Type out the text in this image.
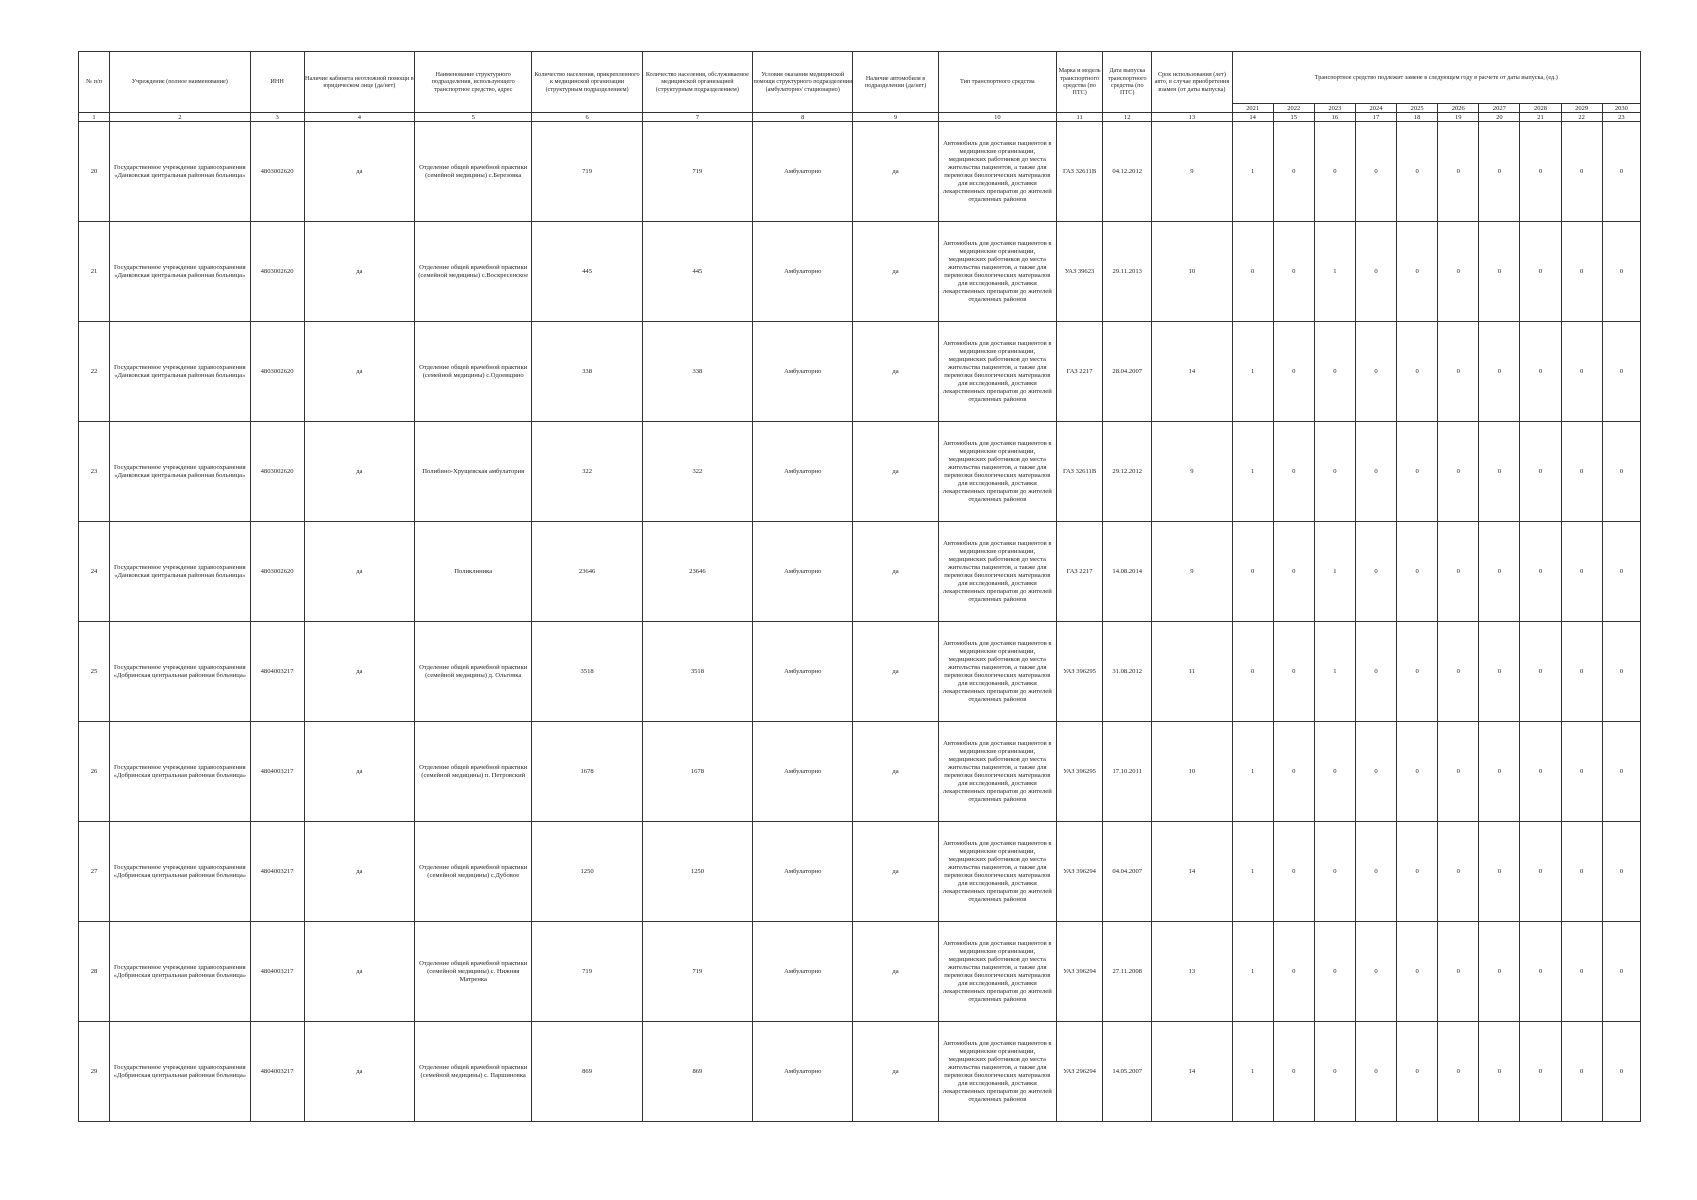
№ п/п	Учреждение (полное наименование)	ИНН	Наличие кабинета неотложной помощи в юридическом лице (да/нет)	Наименование структурного подразделения, использующего транспортное средство, адрес	Количество населения, прикрепленного к медицинской организации (структурным подразделением)	Количество населения, обслуживаемое медицинской организацией (структурным подразделением)	Условия оказания медицинской помощи структурного подразделения (амбулаторно/ стационарно)	Наличие автомобиля в подразделении (да/нет)	Тип транспортного средства	Марка и модель транспортного средства (по ПТС)	Дата выпуска транспортного средства (по ПТС)	Срок использования (лет) авто, в случае приобретения взамен (от даты выпуска)	Транспортное средство подлежит замене в следующем году в расчете от даты выпуска, (ед.)									
													2021	2022	2023	2024	2025	2026	2027	2028	2029	2030
1	2	3	4	5	6	7	8	9	10	11	12	13	14	15	16	17	18	19	20	21	22	23
20	Государственное учреждение здравоохранения «Данковская центральная районная больница»	4803002620	да	Отделение общей врачебной практики (семейной медицины) с.Березовка	719	719	Амбулаторно	да	Автомобиль для доставки пациентов в медицинские организации, медицинских работников до места жительства пациентов, а также для перевозки биологических материалов для исследований, доставки лекарственных препаратов до жителей отдаленных районов	ГАЗ 32611В	04.12.2012	9	1	0	0	0	0	0	0	0	0	0
21	Государственное учреждение здравоохранения «Данковская центральная районная больница»	4803002620	да	Отделение общей врачебной практики (семейной медицины) с.Воскресенское	445	445	Амбулаторно	да	Автомобиль для доставки пациентов в медицинские организации, медицинских работников до места жительства пациентов, а также для перевозки биологических материалов для исследований, доставки лекарственных препаратов до жителей отдаленных районов	УАЗ 39623	29.11.2013	10	0	0	1	0	0	0	0	0	0	0
22	Государственное учреждение здравоохранения «Данковская центральная районная больница»	4803002620	да	Отделение общей врачебной практики (семейной медицины) с.Одоевщино	338	338	Амбулаторно	да	Автомобиль для доставки пациентов в медицинские организации, медицинских работников до места жительства пациентов, а также для перевозки биологических материалов для исследований, доставки лекарственных препаратов до жителей отдаленных районов	ГАЗ 2217	28.04.2007	14	1	0	0	0	0	0	0	0	0	0
23	Государственное учреждение здравоохранения «Данковская центральная районная больница»	4803002620	да	Полибино-Хрущевская амбулатория	322	322	Амбулаторно	да	Автомобиль для доставки пациентов в медицинские организации, медицинских работников до места жительства пациентов, а также для перевозки биологических материалов для исследований, доставки лекарственных препаратов до жителей отдаленных районов	ГАЗ 32611В	29.12.2012	9	1	0	0	0	0	0	0	0	0	0
24	Государственное учреждение здравоохранения «Данковская центральная районная больница»	4803002620	да	Поликлиника	23646	23646	Амбулаторно	да	Автомобиль для доставки пациентов в медицинские организации, медицинских работников до места жительства пациентов, а также для перевозки биологических материалов для исследований, доставки лекарственных препаратов до жителей отдаленных районов	ГАЗ 2217	14.08.2014	9	0	0	1	0	0	0	0	0	0	0
25	Государственное учреждение здравоохранения «Добринская центральная районная больница»	4804003217	да	Отделение общей врачебной практики (семейной медицины) д. Ольговка	3518	3518	Амбулаторно	да	Автомобиль для доставки пациентов в медицинские организации, медицинских работников до места жительства пациентов, а также для перевозки биологических материалов для исследований, доставки лекарственных препаратов до жителей отдаленных районов	УАЗ 396295	31.08.2012	11	0	0	1	0	0	0	0	0	0	0
26	Государственное учреждение здравоохранения «Добринская центральная районная больница»	4804003217	да	Отделение общей врачебной практики (семейной медицины) п. Петровский	1678	1678	Амбулаторно	да	Автомобиль для доставки пациентов в медицинские организации, медицинских работников до места жительства пациентов, а также для перевозки биологических материалов для исследований, доставки лекарственных препаратов до жителей отдаленных районов	УАЗ 396295	17.10.2011	10	1	0	0	0	0	0	0	0	0	0
27	Государственное учреждение здравоохранения «Добринская центральная районная больница»	4804003217	да	Отделение общей врачебной практики (семейной медицины) с.Дубовое	1250	1250	Амбулаторно	да	Автомобиль для доставки пациентов в медицинские организации, медицинских работников до места жительства пациентов, а также для перевозки биологических материалов для исследований, доставки лекарственных препаратов до жителей отдаленных районов	УАЗ 396294	04.04.2007	14	1	0	0	0	0	0	0	0	0	0
28	Государственное учреждение здравоохранения «Добринская центральная районная больница»	4804003217	да	Отделение общей врачебной практики (семейной медицины) с. Нижняя Матренка	719	719	Амбулаторно	да	Автомобиль для доставки пациентов в медицинские организации, медицинских работников до места жительства пациентов, а также для перевозки биологических материалов для исследований, доставки лекарственных препаратов до жителей отдаленных районов	УАЗ 396294	27.11.2008	13	1	0	0	0	0	0	0	0	0	0
29	Государственное учреждение здравоохранения «Добринская центральная районная больница»	4804003217	да	Отделение общей врачебной практики (семейной медицины) с. Паршиновка	869	869	Амбулаторно	да	Автомобиль для доставки пациентов в медицинские организации, медицинских работников до места жительства пациентов, а также для перевозки биологических материалов для исследований, доставки лекарственных препаратов до жителей отдаленных районов	УАЗ 296294	14.05.2007	14	1	0	0	0	0	0	0	0	0	0
